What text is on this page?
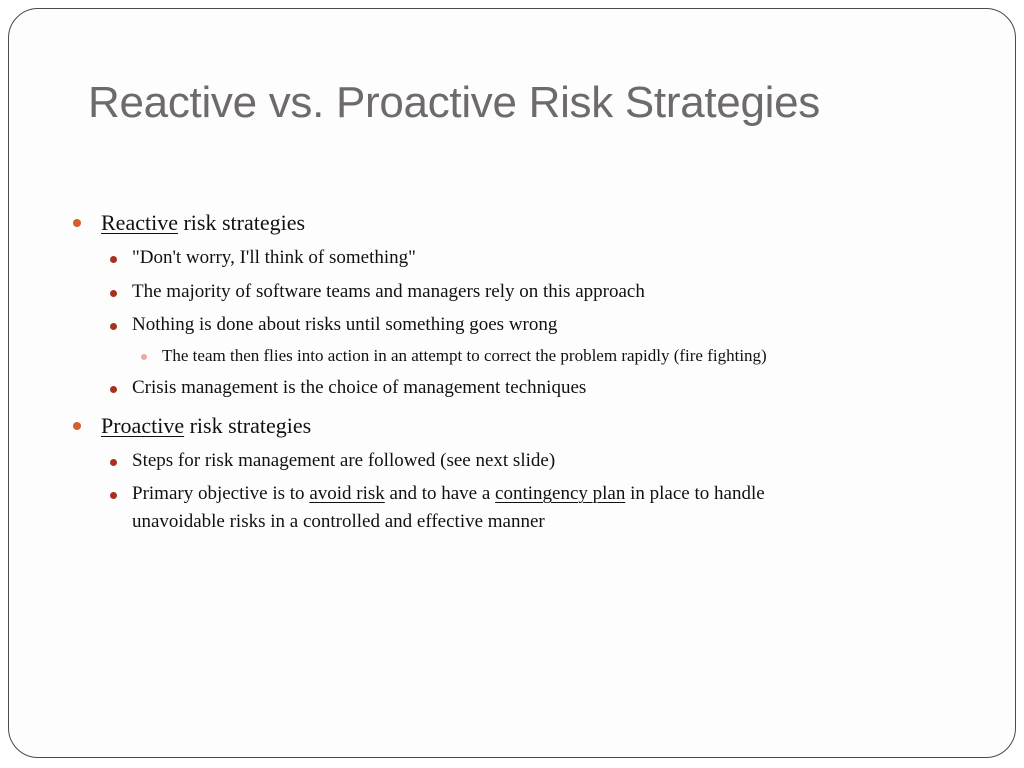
Reactive vs. Proactive Risk Strategies
Reactive risk strategies
"Don't worry, I'll think of something"
The majority of software teams and managers rely on this approach
Nothing is done about risks until something goes wrong
The team then flies into action in an attempt to correct the problem rapidly (fire fighting)
Crisis management is the choice of management techniques
Proactive risk strategies
Steps for risk management are followed (see next slide)
Primary objective is to avoid risk and to have a contingency plan in place to handle
unavoidable risks in a controlled and effective manner
